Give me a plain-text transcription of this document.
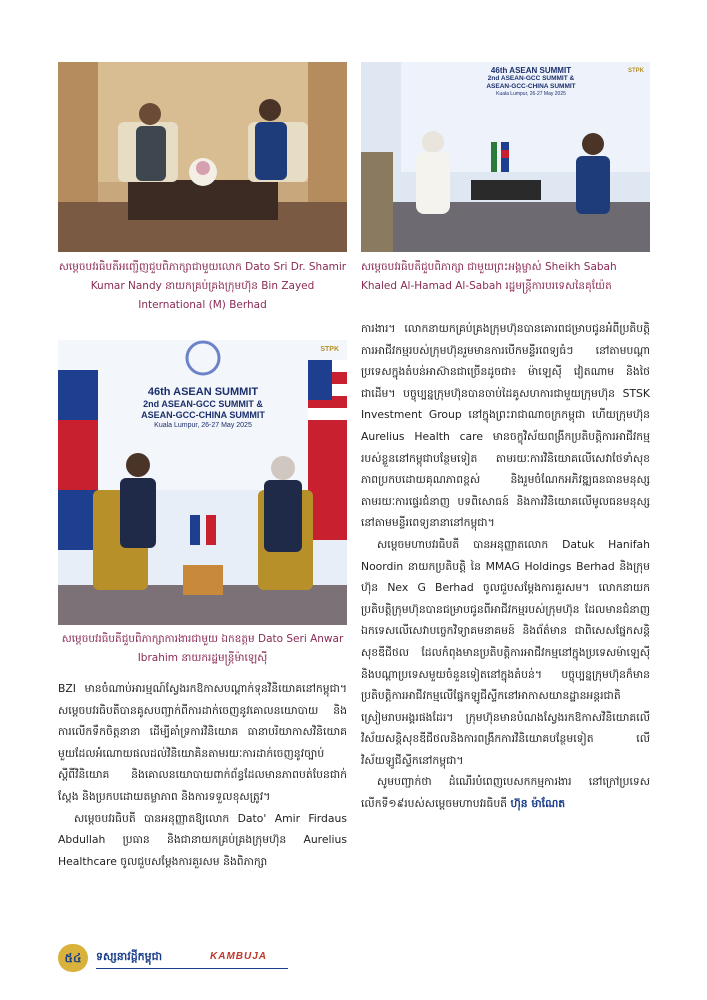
46th ASEAN SUMMIT
2nd ASEAN-GCC SUMMIT &
ASEAN-GCC-CHINA SUMMIT
Kuala Lumpur, 26-27 May 2025
STPK
សម្តេចបវរធិបតីអញ្ជើញជួបពិភាក្សាជាមួយលោក Dato Sri Dr. Shamir Kumar Nandy នាយកគ្រប់គ្រងក្រុមហ៊ុន Bin Zayed International (M) Berhad
សម្តេចបវរធិបតីជួបពិភាក្សា ជាមួយព្រះអង្គម្ចាស់ Sheikh Sabah Khaled Al-Hamad Al-Sabah រដ្ឋមន្ត្រីការបរទេសនៃគុយ៉ែត
46th ASEAN SUMMIT
2nd ASEAN-GCC SUMMIT &
ASEAN-GCC-CHINA SUMMIT
Kuala Lumpur, 26-27 May 2025
STPK
សម្តេចបវរធិបតីជួបពិភាក្សាការងារជាមួយ ឯកឧត្តម Dato Seri Anwar Ibrahim នាយករដ្ឋមន្ត្រីម៉ាឡេស៊ី

BZI មានចំណាប់អារម្មណ៍ស្វែងរកឱកាសបណ្តាក់ទុនវិនិយោគនៅកម្ពុជា។ សម្តេចបវរធិបតីបានគូសបញ្ជាក់ពីការដាក់ចេញនូវគោលនយោបាយ និងការលើកទឹកចិត្តនានា ដើម្បីគាំទ្រការវិនិយោគ ធានាបរិយាកាសវិនិយោគមួយដែលអំណោយផលដល់វិនិយោគិនតាមរយៈការដាក់ចេញនូវច្បាប់ ស្តីពីវិនិយោគ និងគោលនយោបាយពាក់ព័ន្ធដែលមានភាពបត់បែនជាក់ស្តែង និងប្រកបដោយតម្លាភាព និងការទទួលខុសត្រូវ។

សម្តេចបវរធិបតី បានអនុញ្ញាតឱ្យលោក Dato' Amir Firdaus Abdullah ប្រធាន និងជានាយកគ្រប់គ្រងក្រុមហ៊ុន Aurelius Healthcare ចូលជួបសម្តែងការគួរសម និងពិភាក្សា

ការងារ។ លោកនាយកគ្រប់គ្រងក្រុមហ៊ុនបានគោរពជម្រាបជូនអំពីប្រតិបត្តិការអាជីវកម្មរបស់ក្រុមហ៊ុនរួមមានការបើកមន្ទីរពេទ្យធំៗ នៅតាមបណ្តាប្រទេសក្នុងតំបន់អាស៊ានជាច្រើនដូចជា៖ ម៉ាឡេស៊ី វៀតណាម និងថៃជាដើម។ បច្ចុប្បន្នក្រុមហ៊ុនបានចាប់ដៃគូសហការជាមួយក្រុមហ៊ុន STSK Investment Group នៅក្នុងព្រះរាជាណាចក្រកម្ពុជា ហើយក្រុមហ៊ុន Aurelius Health care មានចក្ខុវិស័យពង្រីកប្រតិបត្តិការអាជីវកម្មរបស់ខ្លួននៅកម្ពុជាបន្ថែមទៀត តាមរយៈការវិនិយោគលើសេវាថែទាំសុខភាពប្រកបដោយគុណភាពខ្ពស់ និងរួមចំណែកអភិវឌ្ឍធនធានមនុស្សតាមរយៈការផ្ទេរជំនាញ បទពិសោធន៍ និងការវិនិយោគលើមូលធនមនុស្សនៅតាមមន្ទីរពេទ្យនានានៅកម្ពុជា។

សម្តេចមហាបវរធិបតី បានអនុញ្ញាតលោក Datuk Hanifah Noordin នាយកប្រតិបត្តិ នៃ MMAG Holdings Berhad និងក្រុមហ៊ុន Nex G Berhad ចូលជួបសម្តែងការគួរសម។ លោកនាយកប្រតិបត្តិក្រុមហ៊ុនបានជម្រាបជូនពីអាជីវកម្មរបស់ក្រុមហ៊ុន ដែលមានជំនាញឯកទេសលើសេវាបច្ចេកវិទ្យាគមនាគមន៍ និងព័ត៌មាន ជាពិសេសផ្នែកសន្តិសុខឌីជីថល ដែលកំពុងមានប្រតិបត្តិការអាជីវកម្មនៅក្នុងប្រទេសម៉ាឡេស៊ី និងបណ្តាប្រទេសមួយចំនួនទៀតនៅក្នុងតំបន់។ បច្ចុប្បន្នក្រុមហ៊ុនក៏មានប្រតិបត្តិការអាជីវកម្មលើផ្នែកឡូជីស្ទីកនៅអាកាសយានដ្ឋានអន្តរជាតិស្រៀមរាបអង្គរផងដែរ។ ក្រុមហ៊ុនមានបំណងស្វែងរកឱកាសវិនិយោគលើវិស័យសន្តិសុខឌីជីថលនិងការពង្រីកការវិនិយោគបន្ថែមទៀត លើវិស័យឡូជីស្ទីកនៅកម្ពុជា។

សូមបញ្ជាក់ថា ដំណើរបំពេញបេសកកម្មការងារ នៅក្រៅប្រទេសលើកទី១៩របស់សម្តេចមហាបវរធិបតី ហ៊ុន ម៉ាណែត

៥៤	ទស្សនាវដ្តីកម្ពុជា	KAMBUJA
